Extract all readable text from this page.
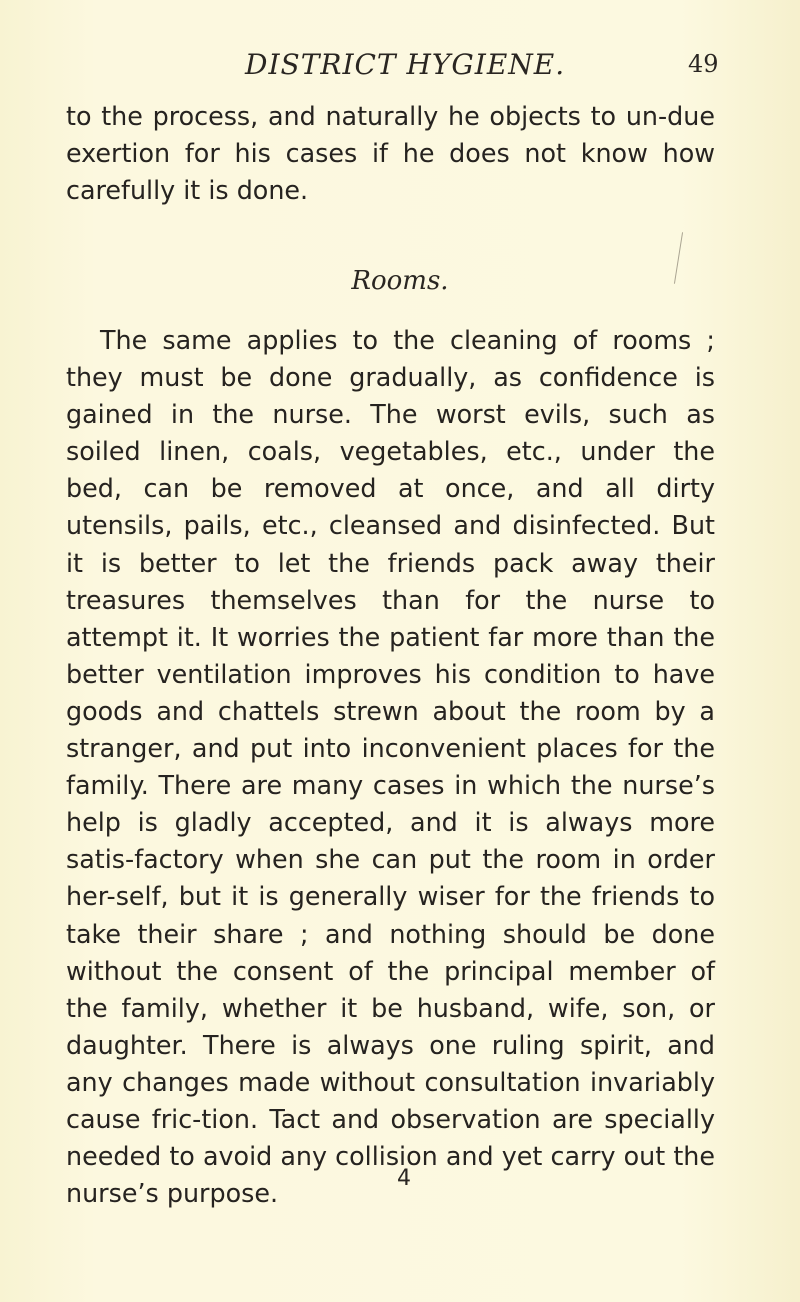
DISTRICT HYGIENE.	49

to the process, and naturally he objects to un-due exertion for his cases if he does not know how carefully it is done.

Rooms.

The same applies to the cleaning of rooms ; they must be done gradually, as confidence is gained in the nurse. The worst evils, such as soiled linen, coals, vegetables, etc., under the bed, can be removed at once, and all dirty utensils, pails, etc., cleansed and disinfected. But it is better to let the friends pack away their treasures themselves than for the nurse to attempt it. It worries the patient far more than the better ventilation improves his condition to have goods and chattels strewn about the room by a stranger, and put into inconvenient places for the family. There are many cases in which the nurse’s help is gladly accepted, and it is always more satis-factory when she can put the room in order her-self, but it is generally wiser for the friends to take their share ; and nothing should be done without the consent of the principal member of the family, whether it be husband, wife, son, or daughter. There is always one ruling spirit, and any changes made without consultation invariably cause fric-tion. Tact and observation are specially needed to avoid any collision and yet carry out the nurse’s purpose.	4
